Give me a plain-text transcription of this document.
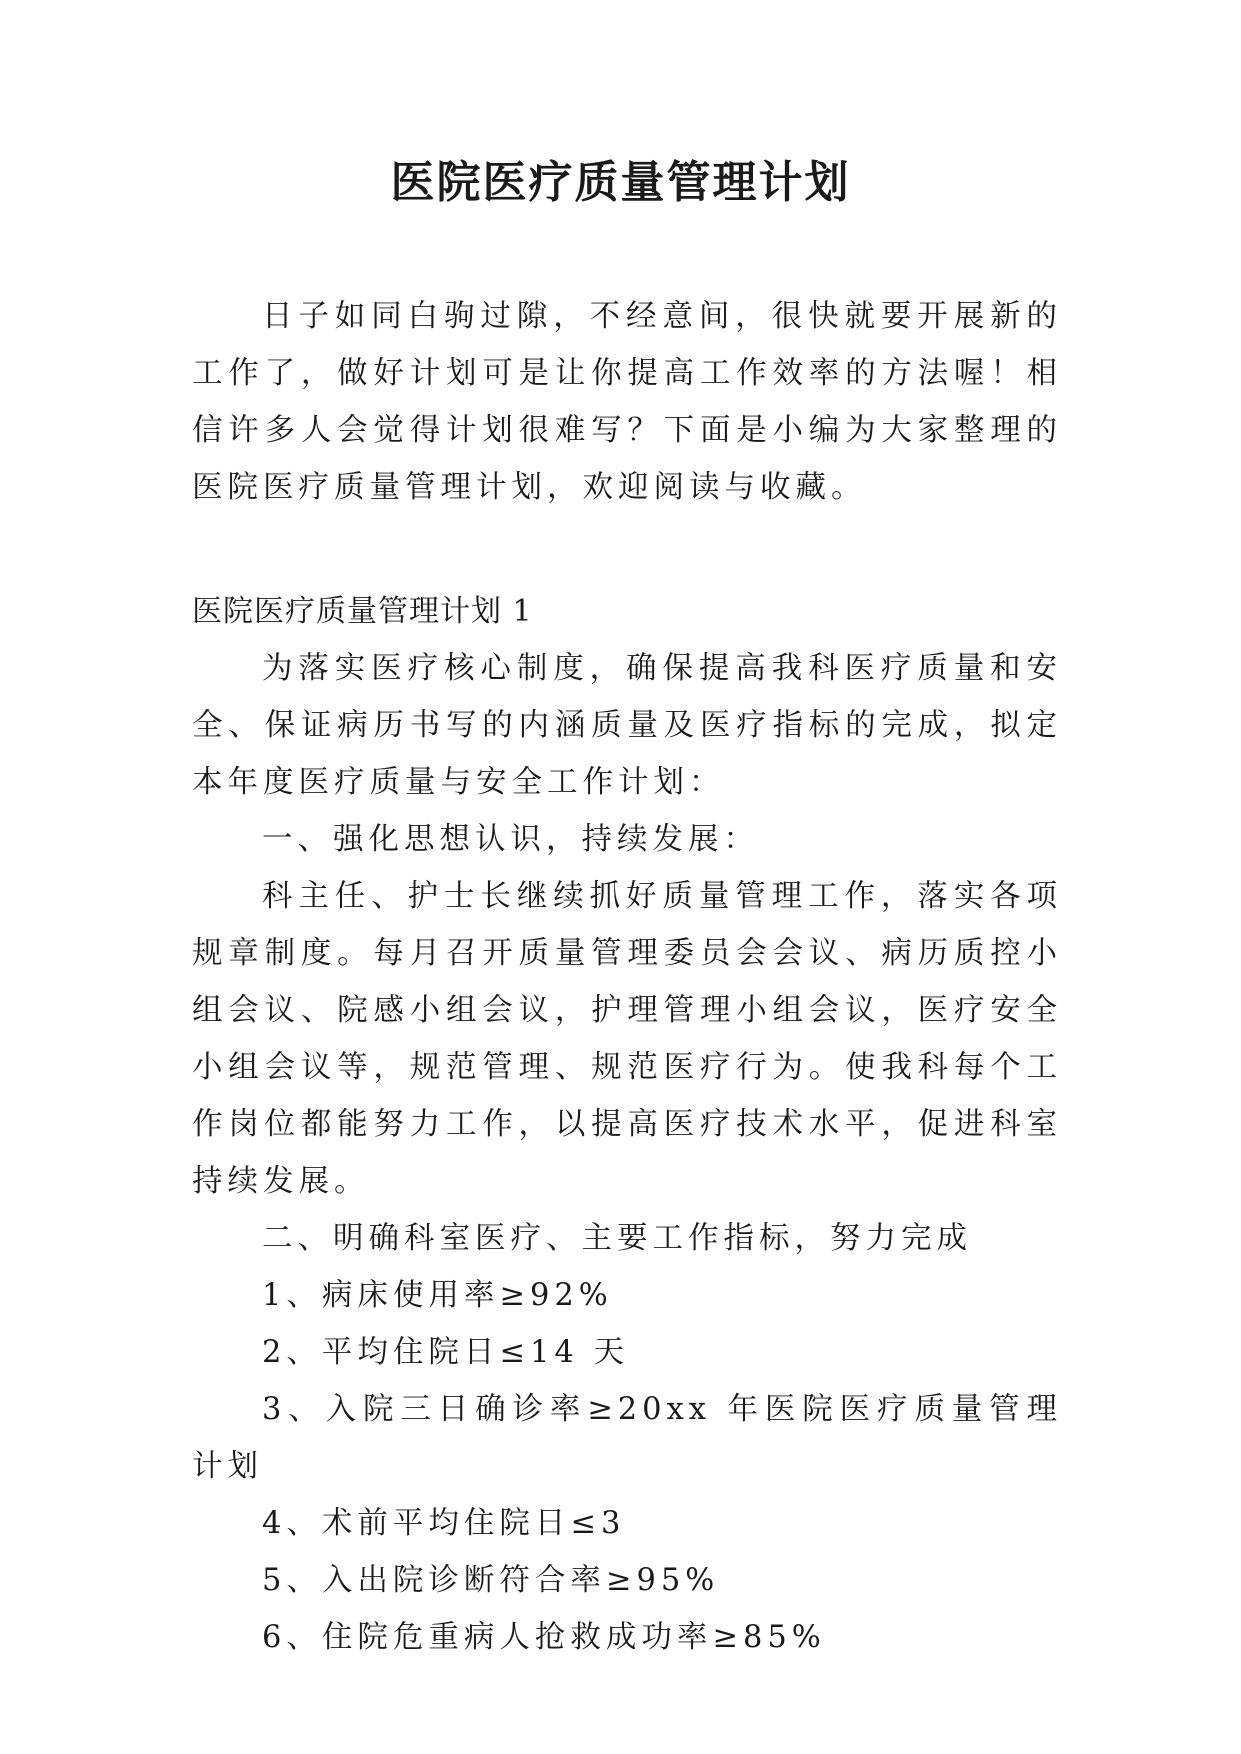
医院医疗质量管理计划
日子如同白驹过隙，不经意间，很快就要开展新的工作了，做好计划可是让你提高工作效率的方法喔！相信许多人会觉得计划很难写？下面是小编为大家整理的医院医疗质量管理计划，欢迎阅读与收藏。
医院医疗质量管理计划 1

为落实医疗核心制度，确保提高我科医疗质量和安全、保证病历书写的内涵质量及医疗指标的完成，拟定本年度医疗质量与安全工作计划：

一、强化思想认识，持续发展：

科主任、护士长继续抓好质量管理工作，落实各项规章制度。每月召开质量管理委员会会议、病历质控小组会议、院感小组会议，护理管理小组会议，医疗安全小组会议等，规范管理、规范医疗行为。使我科每个工作岗位都能努力工作，以提高医疗技术水平，促进科室持续发展。

二、明确科室医疗、主要工作指标，努力完成

1、病床使用率≥92%

2、平均住院日≤14 天

3、入院三日确诊率≥20xx 年医院医疗质量管理计划

4、术前平均住院日≤3

5、入出院诊断符合率≥95%

6、住院危重病人抢救成功率≥85%
